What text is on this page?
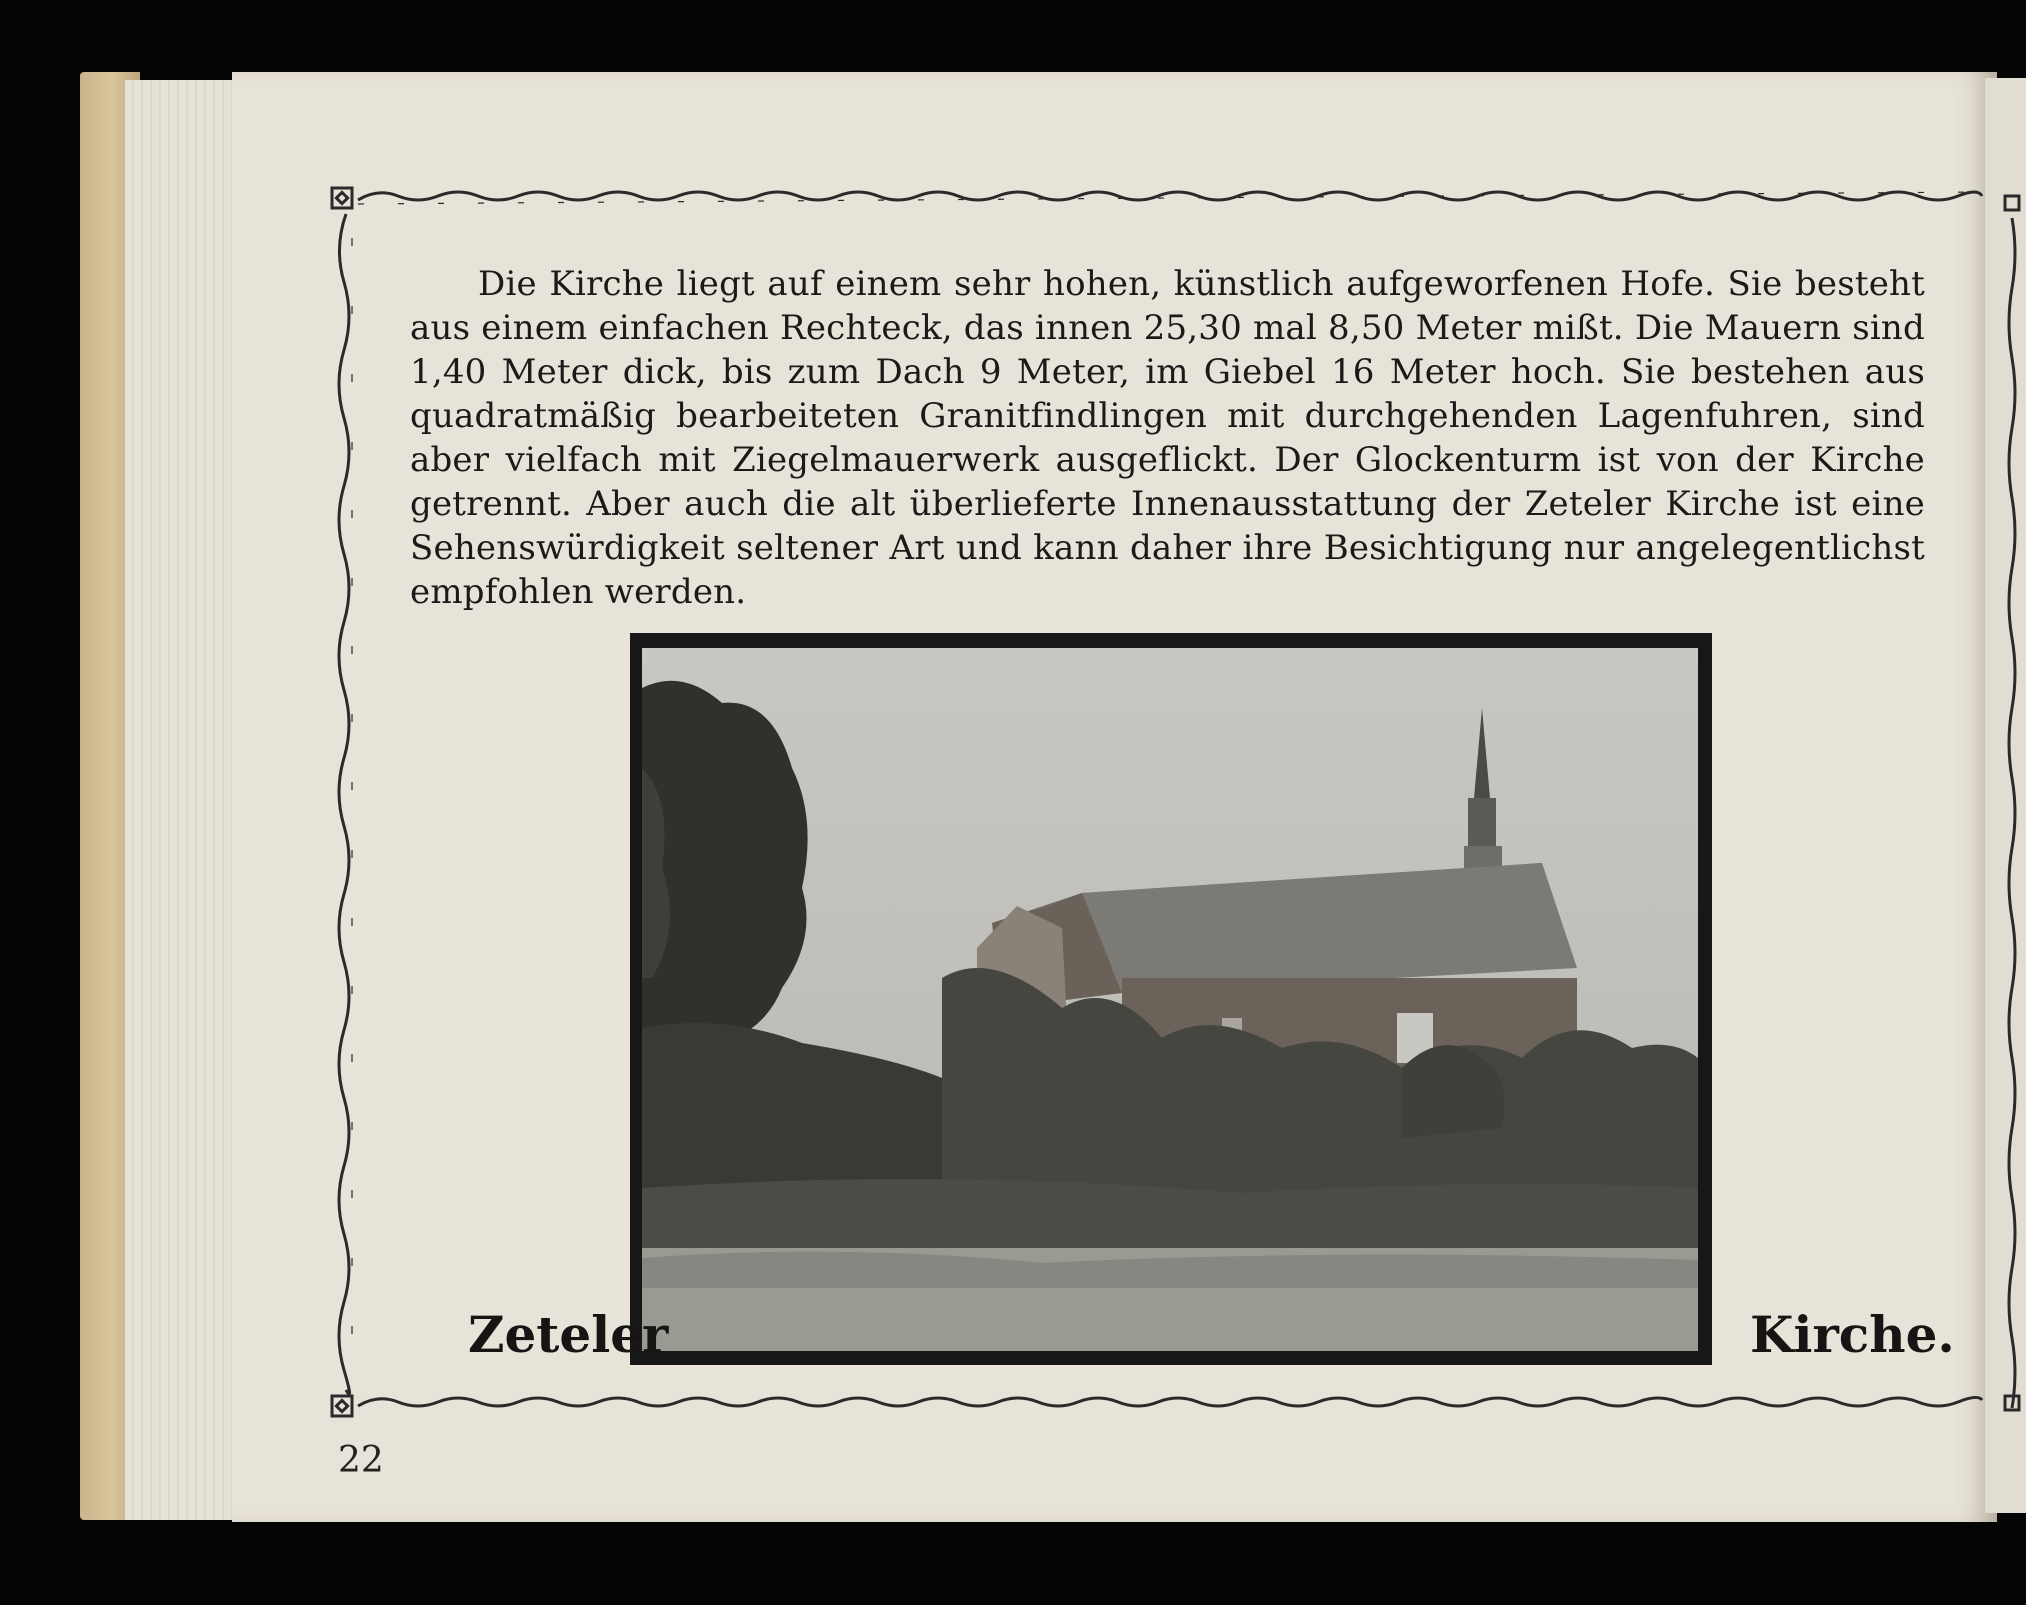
Die Kirche liegt auf einem sehr hohen, künstlich aufgeworfenen Hofe. Sie besteht aus einem einfachen Rechteck, das innen 25,30 mal 8,50 Meter mißt. Die Mauern sind 1,40 Meter dick, bis zum Dach 9 Meter, im Giebel 16 Meter hoch. Sie bestehen aus quadratmäßig bearbeiteten Granitfindlingen mit durchgehenden Lagenfuhren, sind aber vielfach mit Ziegelmauerwerk ausgeflickt. Der Glockenturm ist von der Kirche getrennt. Aber auch die alt überlieferte Innenausstattung der Zeteler Kirche ist eine Sehenswürdigkeit seltener Art und kann daher ihre Besichtigung nur angelegentlichst empfohlen werden.

Zeteler	Kirche.

22
